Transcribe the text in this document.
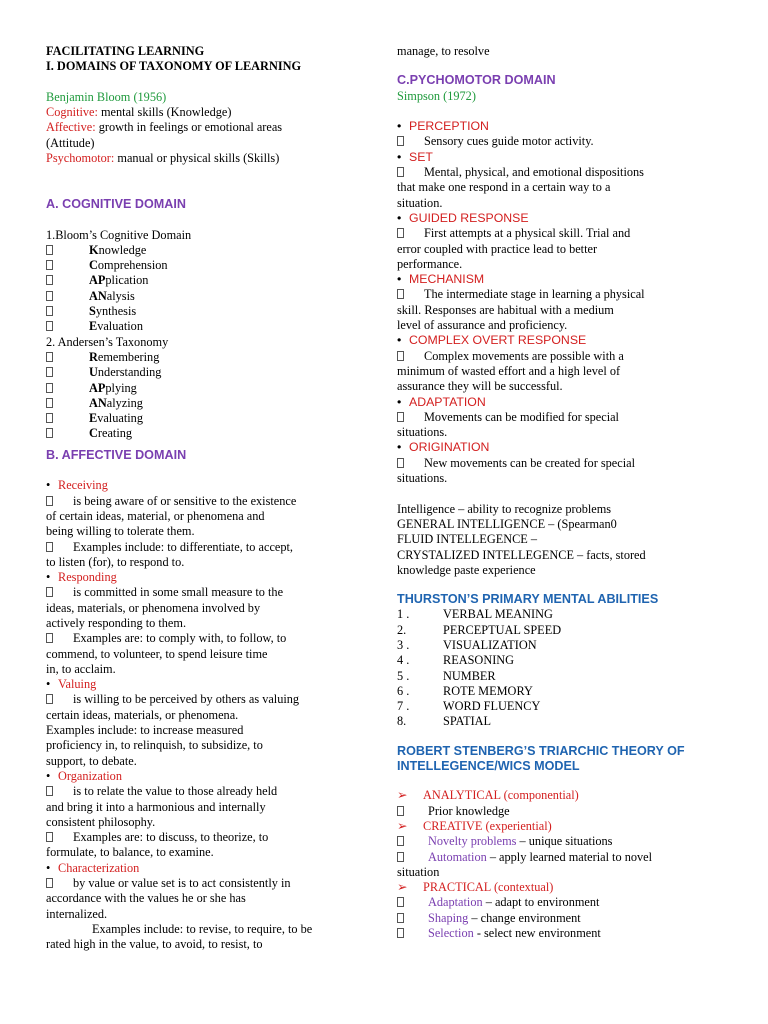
FACILITATING LEARNING
I. DOMAINS OF TAXONOMY OF LEARNING
Benjamin Bloom (1956)
Cognitive: mental skills (Knowledge)
Affective: growth in feelings or emotional areas
(Attitude)
Psychomotor: manual or physical skills (Skills)
A. COGNITIVE DOMAIN
1.Bloom’s Cognitive Domain
Knowledge
Comprehension
APplication
ANalysis
Synthesis
Evaluation
2. Andersen’s Taxonomy
Remembering
Understanding
APplying
ANalyzing
Evaluating
Creating
B. AFFECTIVE DOMAIN
• Receiving
is being aware of or sensitive to the existence
of certain ideas, material, or phenomena and
being willing to tolerate them.
Examples include: to differentiate, to accept,
to listen (for), to respond to.
• Responding
is committed in some small measure to the
ideas, materials, or phenomena involved by
actively responding to them.
Examples are: to comply with, to follow, to
commend, to volunteer, to spend leisure time
in, to acclaim.
• Valuing
is willing to be perceived by others as valuing
certain ideas, materials, or phenomena.
Examples include: to increase measured
proficiency in, to relinquish, to subsidize, to
support, to debate.
• Organization
is to relate the value to those already held
and bring it into a harmonious and internally
consistent philosophy.
Examples are: to discuss, to theorize, to
formulate, to balance, to examine.
• Characterization
by value or value set is to act consistently in
accordance with the values he or she has
internalized.
Examples include: to revise, to require, to be
rated high in the value, to avoid, to resist, to
manage, to resolve
C.PYCHOMOTOR DOMAIN
Simpson (1972)
• PERCEPTION
Sensory cues guide motor activity.
• SET
Mental, physical, and emotional dispositions
that make one respond in a certain way to a
situation.
• GUIDED RESPONSE
First attempts at a physical skill. Trial and
error coupled with practice lead to better
performance.
• MECHANISM
The intermediate stage in learning a physical
skill. Responses are habitual with a medium
level of assurance and proficiency.
• COMPLEX OVERT RESPONSE
Complex movements are possible with a
minimum of wasted effort and a high level of
assurance they will be successful.
• ADAPTATION
Movements can be modified for special
situations.
• ORIGINATION
New movements can be created for special
situations.
Intelligence – ability to recognize problems
GENERAL INTELLIGENCE – (Spearman0
FLUID INTELLEGENCE –
CRYSTALIZED INTELLEGENCE – facts, stored
knowledge paste experience
THURSTON’S PRIMARY MENTAL ABILITIES
1 .	VERBAL MEANING
2.	PERCEPTUAL SPEED
3 .	VISUALIZATION
4 .	REASONING
5 .	NUMBER
6 .	ROTE MEMORY
7 .	WORD FLUENCY
8.	SPATIAL
ROBERT STENBERG’S TRIARCHIC THEORY OF
INTELLEGENCE/WICS MODEL
➢ ANALYTICAL (componential)
Prior knowledge
➢ CREATIVE (experiential)
Novelty problems – unique situations
Automation – apply learned material to novel
situation
➢ PRACTICAL (contextual)
Adaptation – adapt to environment
Shaping – change environment
Selection - select new environment
